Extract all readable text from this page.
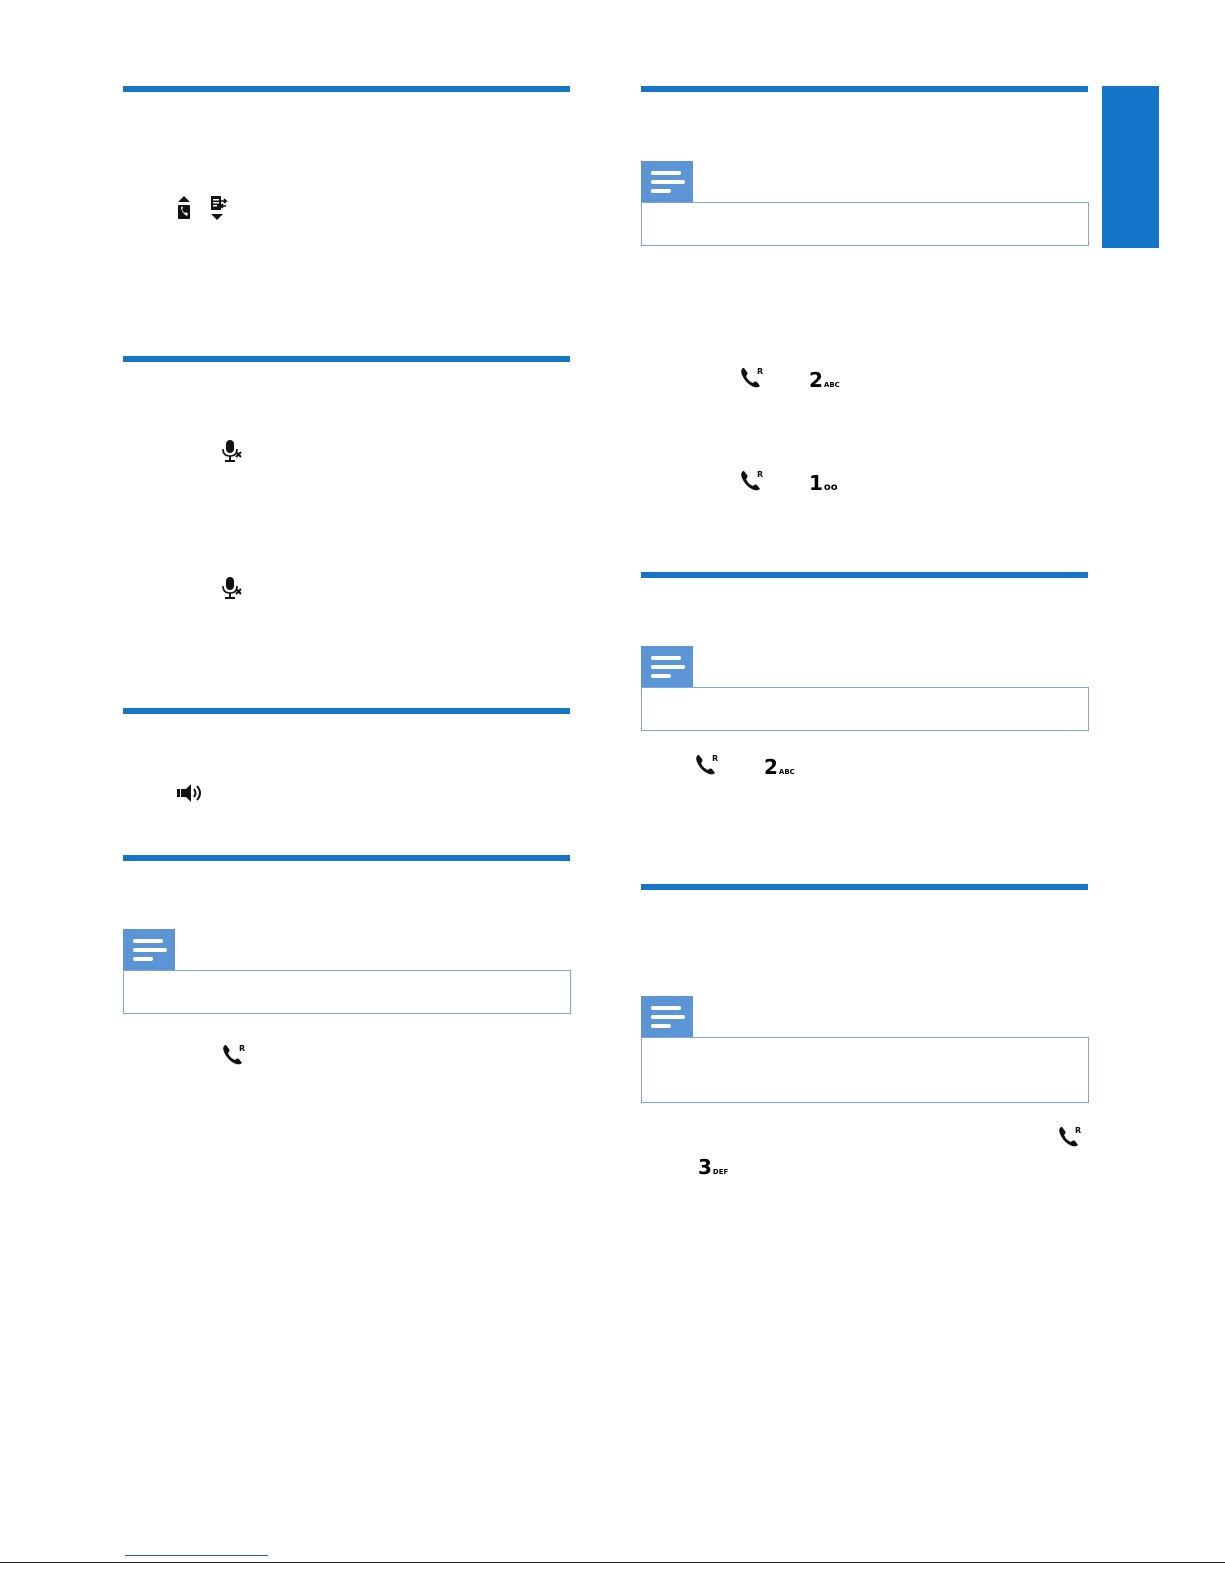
R
R 2ABC
R 1oo
R 2ABC
R
3DEF
